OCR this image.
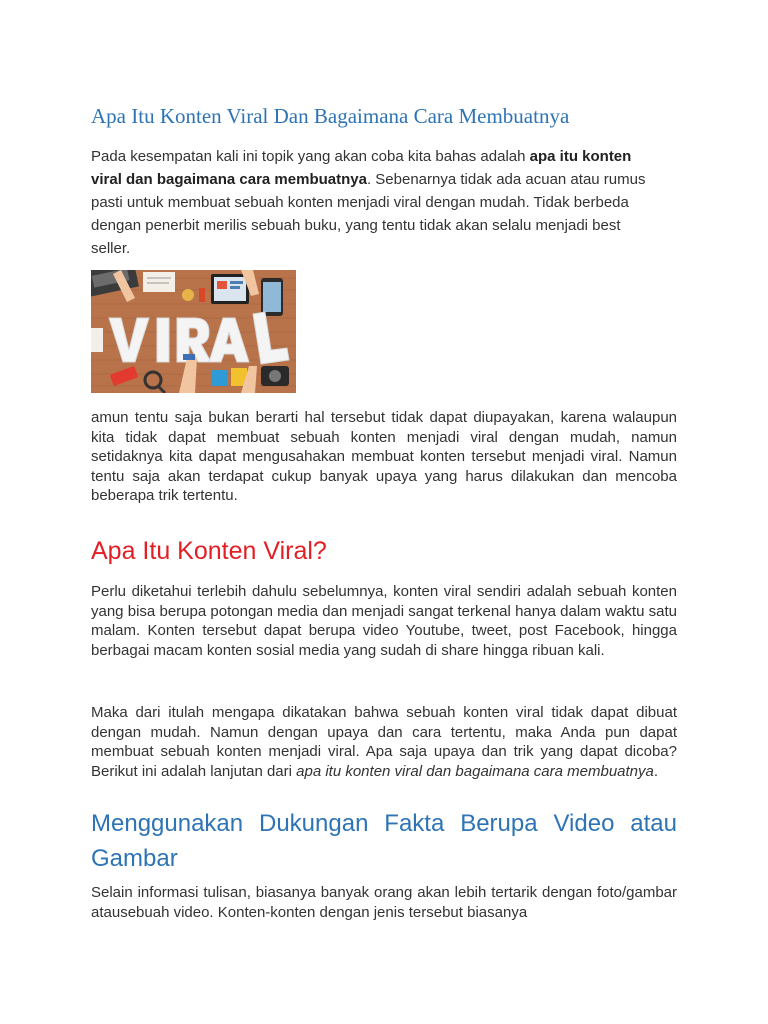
Apa Itu Konten Viral Dan Bagaimana Cara Membuatnya

Pada kesempatan kali ini topik yang akan coba kita bahas adalah apa itu konten viral dan bagaimana cara membuatnya. Sebenarnya tidak ada acuan atau rumus pasti untuk membuat sebuah konten menjadi viral dengan mudah. Tidak berbeda dengan penerbit merilis sebuah buku, yang tentu tidak akan selalu menjadi best seller.

amun tentu saja bukan berarti hal tersebut tidak dapat diupayakan, karena walaupun kita tidak dapat membuat sebuah konten menjadi viral dengan mudah, namun setidaknya kita dapat mengusahakan membuat konten tersebut menjadi viral. Namun tentu saja akan terdapat cukup banyak upaya yang harus dilakukan dan mencoba beberapa trik tertentu.

Apa Itu Konten Viral?

Perlu diketahui terlebih dahulu sebelumnya, konten viral sendiri adalah sebuah konten yang bisa berupa potongan media dan menjadi sangat terkenal hanya dalam waktu satu malam. Konten tersebut dapat berupa video Youtube, tweet, post Facebook, hingga berbagai macam konten sosial media yang sudah di share hingga ribuan kali.

Maka dari itulah mengapa dikatakan bahwa sebuah konten viral tidak dapat dibuat dengan mudah. Namun dengan upaya dan cara tertentu, maka Anda pun dapat membuat sebuah konten menjadi viral. Apa saja upaya dan trik yang dapat dicoba? Berikut ini adalah lanjutan dari apa itu konten viral dan bagaimana cara membuatnya.

Menggunakan Dukungan Fakta Berupa Video atau Gambar

Selain informasi tulisan, biasanya banyak orang akan lebih tertarik dengan foto/gambar atausebuah video. Konten-konten dengan jenis tersebut biasanya
